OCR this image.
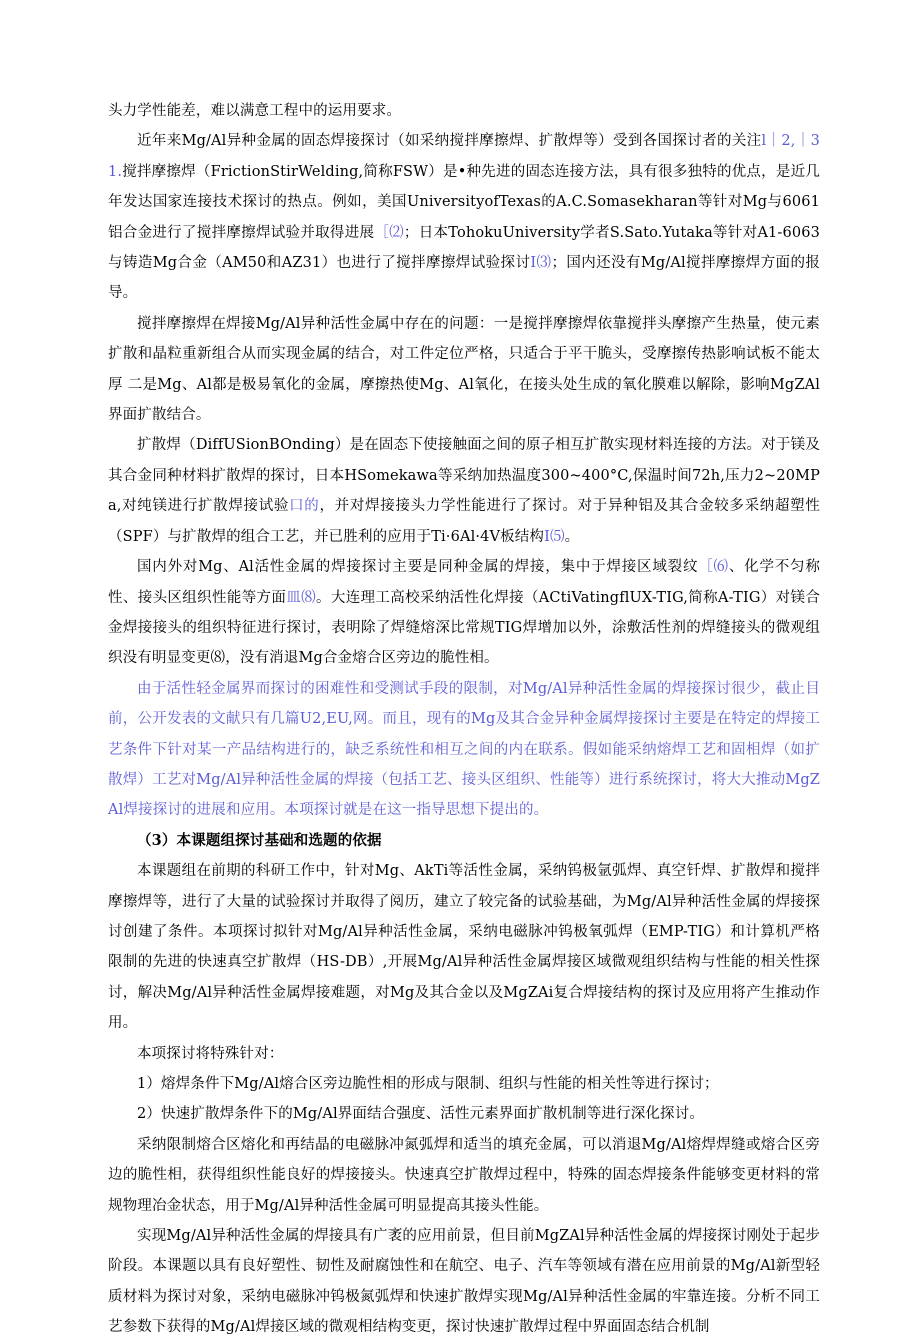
头力学性能差，难以满意工程中的运用要求。

近年来Mg/Al异种金属的固态焊接探讨（如采纳搅拌摩擦焊、扩散焊等）受到各国探讨者的关注l｜2,｜31.搅拌摩擦焊（FrictionStirWelding,简称FSW）是•种先进的固态连接方法，具有很多独特的优点，是近几年发达国家连接技术探讨的热点。例如，美国UniversityofTexas的A.C.Somasekharan等针对Mg与6061铝合金进行了搅拌摩擦焊试验并取得进展［⑵；日本TohokuUniversity学者S.Sato.Yutaka等针对A1-6063与铸造Mg合金（AM50和AZ31）也进行了搅拌摩擦焊试验探讨I⑶；国内还没有Mg/Al搅拌摩擦焊方面的报导。

搅拌摩擦焊在焊接Mg/Al异种活性金属中存在的问题：一是搅拌摩擦焊依靠搅拌头摩擦产生热量，使元素扩散和晶粒重新组合从而实现金属的结合，对工件定位严格，只适合于平干脆头，受摩擦传热影响试板不能太厚 二是Mg、Al都是极易氧化的金属，摩擦热使Mg、Al氧化，在接头处生成的氧化膜难以解除，影响MgZAl界面扩散结合。

扩散焊（DiffUSionBOnding）是在固态下使接触面之间的原子相互扩散实现材料连接的方法。对于镁及其合金同种材料扩散焊的探讨，日本HSomekawa等采纳加热温度300~400°C,保温时间72h,压力2~20MPa,对纯镁进行扩散焊接试验口的，并对焊接接头力学性能进行了探讨。对于异种铝及其合金较多采纳超塑性（SPF）与扩散焊的组合工艺，并已胜利的应用于Ti·6Al·4V板结构I⑸。

国内外对Mg、Al活性金属的焊接探讨主要是同种金属的焊接，集中于焊接区域裂纹［⑹、化学不匀称性、接头区组织性能等方面皿⑻。大连理工高校采纳活性化焊接（ACtiVatingflUX-TIG,简称A-TIG）对镁合金焊接接头的组织特征进行探讨，表明除了焊缝熔深比常规TIG焊增加以外，涂敷活性剂的焊缝接头的微观组织没有明显变更⑻，没有消退Mg合金熔合区旁边的脆性相。

由于活性轻金属界而探讨的困难性和受测试手段的限制，对Mg/Al异种活性金属的焊接探讨很少，截止目前，公开发表的文献只有几篇U2,EU,网。而且，现有的Mg及其合金异种金属焊接探讨主要是在特定的焊接工艺条件下针对某一产品结构进行的，缺乏系统性和相互之间的内在联系。假如能采纳熔焊工艺和固相焊（如扩散焊）工艺对Mg/Al异种活性金属的焊接（包括工艺、接头区组织、性能等）进行系统探讨，将大大推动MgZAl焊接探讨的进展和应用。本项探讨就是在这一指导思想下提出的。

（3）本课题组探讨基础和选题的依据

本课题组在前期的科研工作中，针对Mg、AkTi等活性金属，采纳钨极氩弧焊、真空钎焊、扩散焊和搅拌摩擦焊等，进行了大量的试验探讨并取得了阅历，建立了较完备的试验基础，为Mg/Al异种活性金属的焊接探讨创建了条件。本项探讨拟针对Mg/Al异种活性金属，采纳电磁脉冲钨极氧弧焊（EMP-TIG）和计算机严格限制的先进的快速真空扩散焊（HS-DB）,开展Mg/Al异种活性金属焊接区域微观组织结构与性能的相关性探讨，解决Mg/Al异种活性金属焊接难题，对Mg及其合金以及MgZAi复合焊接结构的探讨及应用将产生推动作用。

本项探讨将特殊针对：

1）熔焊条件下Mg/Al熔合区旁边脆性相的形成与限制、组织与性能的相关性等进行探讨；

2）快速扩散焊条件下的Mg/Al界面结合强度、活性元素界面扩散机制等进行深化探讨。

采纳限制熔合区熔化和再结晶的电磁脉冲氮弧焊和适当的填充金属，可以消退Mg/Al熔焊焊缝或熔合区旁边的脆性相，获得组织性能良好的焊接接头。快速真空扩散焊过程中，特殊的固态焊接条件能够变更材料的常规物理冶金状态，用于Mg/Al异种活性金属可明显提高其接头性能。

实现Mg/Al异种活性金属的焊接具有广袤的应用前景，但目前MgZAl异种活性金属的焊接探讨刚处于起步阶段。本课题以具有良好塑性、韧性及耐腐蚀性和在航空、电子、汽车等领域有潜在应用前景的Mg/Al新型轻质材料为探讨对象，采纳电磁脉冲钨极氮弧焊和快速扩散焊实现Mg/Al异种活性金属的牢靠连接。分析不同工艺参数下获得的Mg/Al焊接区域的微观相结构变更，探讨快速扩散焊过程中界面固态结合机制
